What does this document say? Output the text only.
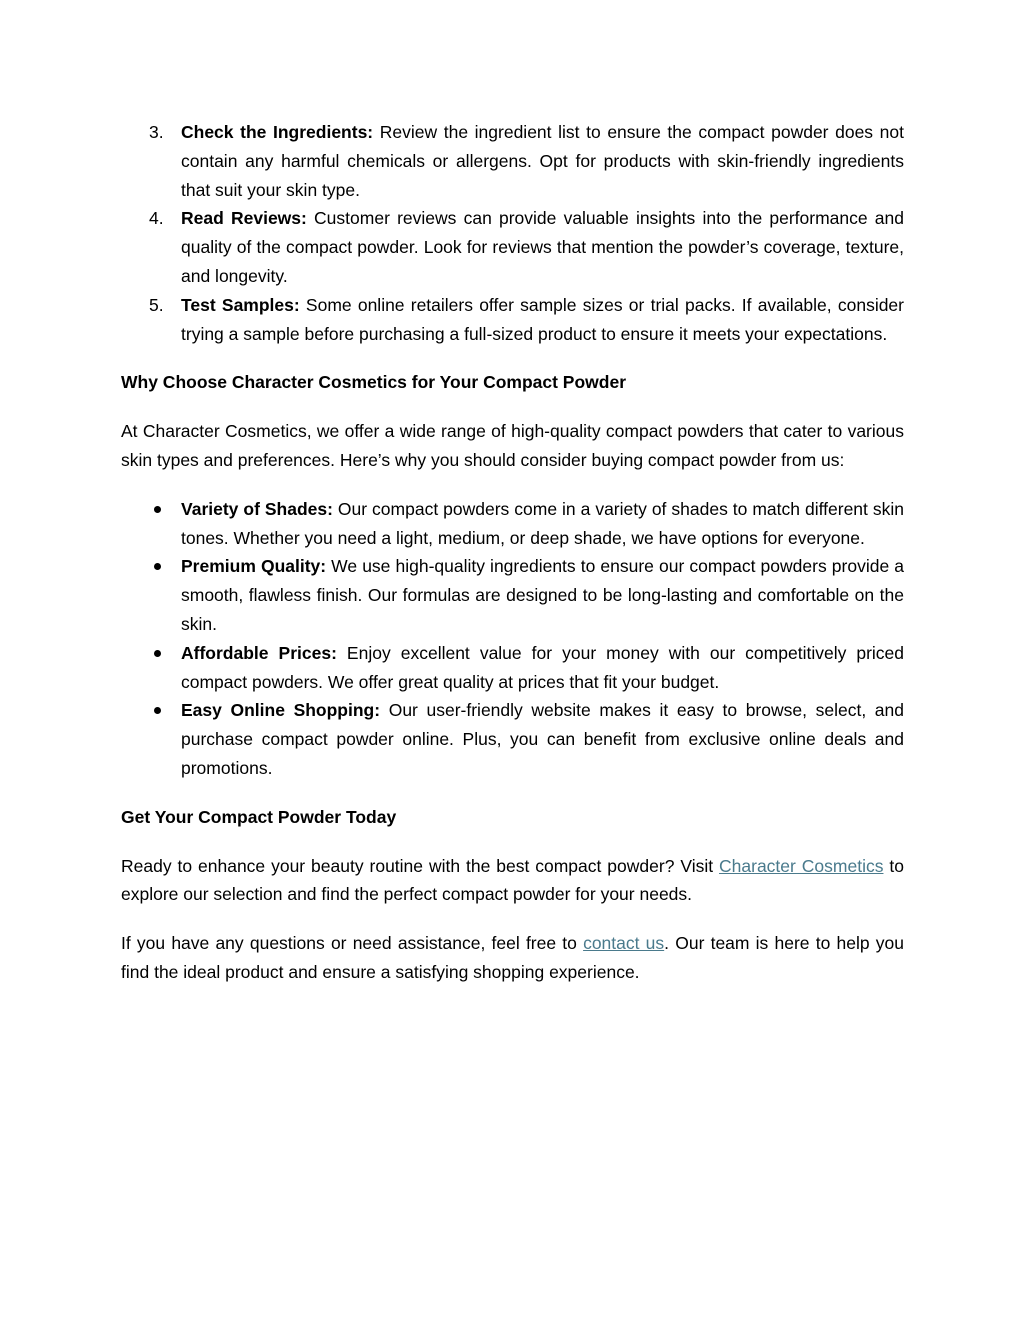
3. Check the Ingredients: Review the ingredient list to ensure the compact powder does not contain any harmful chemicals or allergens. Opt for products with skin-friendly ingredients that suit your skin type.
4. Read Reviews: Customer reviews can provide valuable insights into the performance and quality of the compact powder. Look for reviews that mention the powder’s coverage, texture, and longevity.
5. Test Samples: Some online retailers offer sample sizes or trial packs. If available, consider trying a sample before purchasing a full-sized product to ensure it meets your expectations.

Why Choose Character Cosmetics for Your Compact Powder

At Character Cosmetics, we offer a wide range of high-quality compact powders that cater to various skin types and preferences. Here’s why you should consider buying compact powder from us:

Variety of Shades: Our compact powders come in a variety of shades to match different skin tones. Whether you need a light, medium, or deep shade, we have options for everyone.
Premium Quality: We use high-quality ingredients to ensure our compact powders provide a smooth, flawless finish. Our formulas are designed to be long-lasting and comfortable on the skin.
Affordable Prices: Enjoy excellent value for your money with our competitively priced compact powders. We offer great quality at prices that fit your budget.
Easy Online Shopping: Our user-friendly website makes it easy to browse, select, and purchase compact powder online. Plus, you can benefit from exclusive online deals and promotions.

Get Your Compact Powder Today

Ready to enhance your beauty routine with the best compact powder? Visit Character Cosmetics to explore our selection and find the perfect compact powder for your needs.

If you have any questions or need assistance, feel free to contact us. Our team is here to help you find the ideal product and ensure a satisfying shopping experience.
